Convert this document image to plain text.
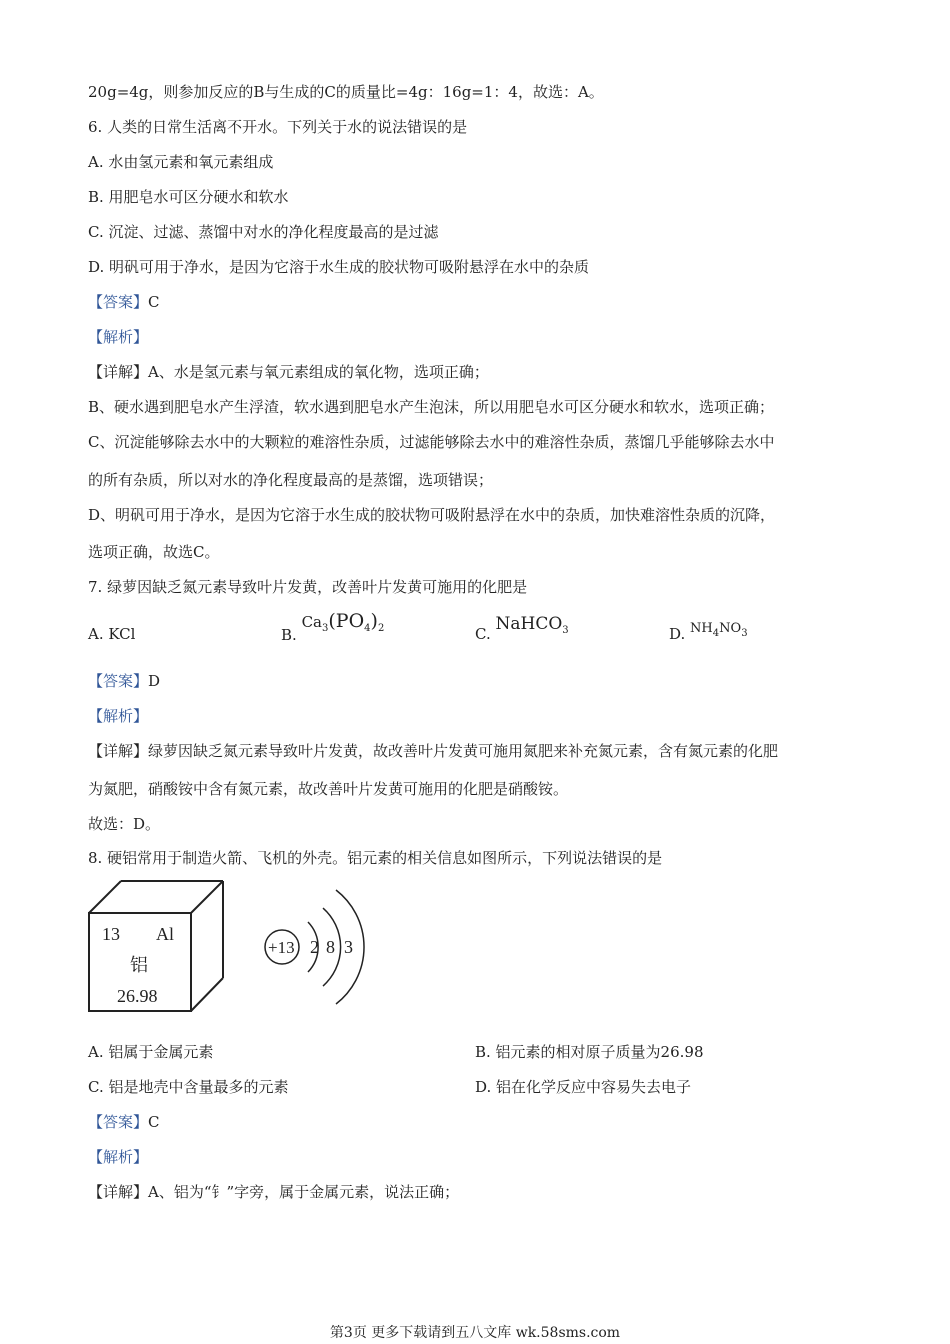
20g=4g，则参加反应的B与生成的C的质量比=4g：16g=1：4，故选：A。
6. 人类的日常生活离不开水。下列关于水的说法错误的是
A. 水由氢元素和氧元素组成
B. 用肥皂水可区分硬水和软水
C. 沉淀、过滤、蒸馏中对水的净化程度最高的是过滤
D. 明矾可用于净水，是因为它溶于水生成的胶状物可吸附悬浮在水中的杂质
【答案】C
【解析】
【详解】A、水是氢元素与氧元素组成的氧化物，选项正确；
B、硬水遇到肥皂水产生浮渣，软水遇到肥皂水产生泡沫，所以用肥皂水可区分硬水和软水，选项正确；
C、沉淀能够除去水中的大颗粒的难溶性杂质，过滤能够除去水中的难溶性杂质，蒸馏几乎能够除去水中
的所有杂质，所以对水的净化程度最高的是蒸馏，选项错误；
D、明矾可用于净水，是因为它溶于水生成的胶状物可吸附悬浮在水中的杂质，加快难溶性杂质的沉降，
选项正确，故选C。
7. 绿萝因缺乏氮元素导致叶片发黄，改善叶片发黄可施用的化肥是
A. KCl	B. $Ca_3(PO_4)_2$	C. NaHCO$_3$	D. $NH_4NO_3$
【答案】D
【解析】
【详解】绿萝因缺乏氮元素导致叶片发黄，故改善叶片发黄可施用氮肥来补充氮元素，含有氮元素的化肥
为氮肥，硝酸铵中含有氮元素，故改善叶片发黄可施用的化肥是硝酸铵。
故选：D。
8. 硬铝常用于制造火箭、飞机的外壳。铝元素的相关信息如图所示，下列说法错误的是
13 Al
铝
26.98
+13 2 8 3
A. 铝属于金属元素	B. 铝元素的相对原子质量为26.98
C. 铝是地壳中含量最多的元素	D. 铝在化学反应中容易失去电子
【答案】C
【解析】
【详解】A、铝为“钅”字旁，属于金属元素，说法正确；
第3页 更多下载请到五八文库 wk.58sms.com
